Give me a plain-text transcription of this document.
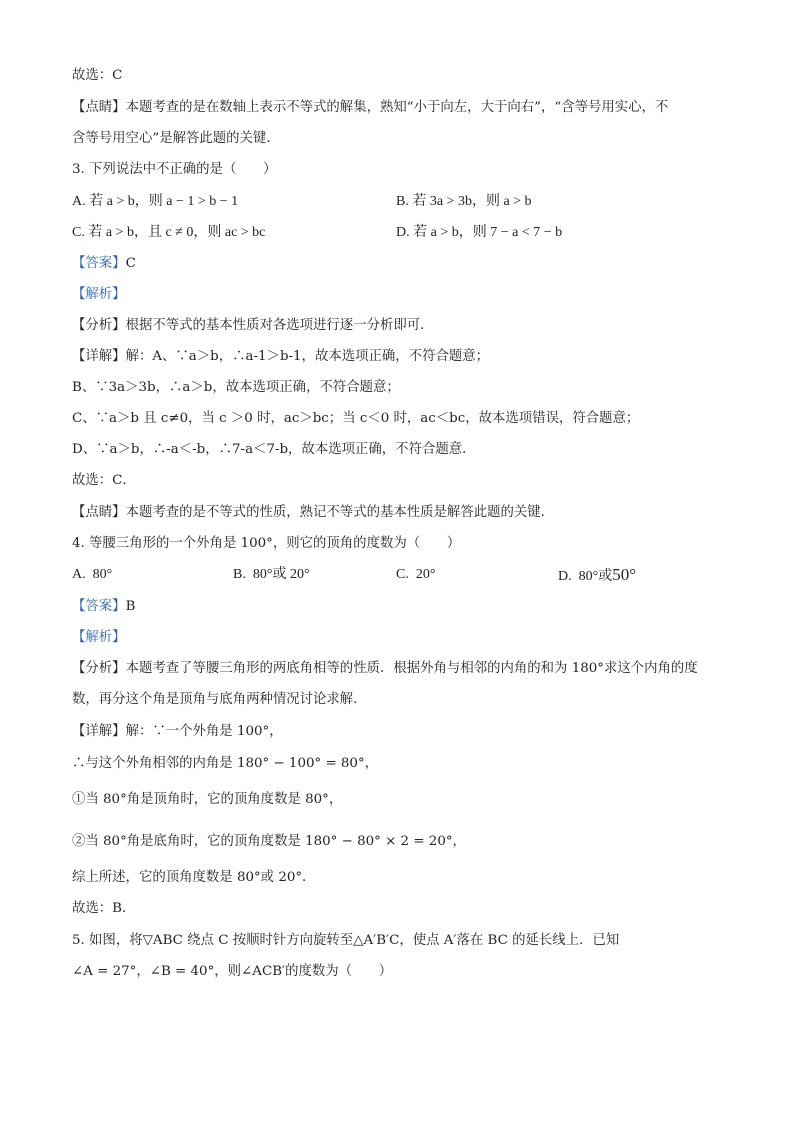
故选：C
【点睛】本题考查的是在数轴上表示不等式的解集，熟知“小于向左，大于向右”，“含等号用实心，不
含等号用空心”是解答此题的关键．
3. 下列说法中不正确的是（　　）
A. 若 a > b，则 a − 1 > b − 1	B. 若 3a > 3b，则 a > b
C. 若 a > b，且 c ≠ 0，则 ac > bc	D. 若 a > b，则 7 − a < 7 − b
【答案】C
【解析】
【分析】根据不等式的基本性质对各选项进行逐一分析即可．
【详解】解：A、∵a＞b，∴a-1＞b-1，故本选项正确，不符合题意；
B、∵3a＞3b，∴a＞b，故本选项正确，不符合题意；
C、∵a＞b 且 c≠0，当 c ＞0 时，ac＞bc；当 c＜0 时，ac＜bc，故本选项错误，符合题意；
D、∵a＞b，∴-a＜-b，∴7-a＜7-b，故本选项正确，不符合题意．
故选：C．
【点睛】本题考查的是不等式的性质，熟记不等式的基本性质是解答此题的关键．
4. 等腰三角形的一个外角是 100°，则它的顶角的度数为（　　）
A. 80°	B. 80°或 20°	C. 20°	D. 80°或50°
【答案】B
【解析】
【分析】本题考查了等腰三角形的两底角相等的性质．根据外角与相邻的内角的和为 180°求这个内角的度
数，再分这个角是顶角与底角两种情况讨论求解．
【详解】解：∵一个外角是 100°，
∴与这个外角相邻的内角是 180° − 100° = 80°，
①当 80°角是顶角时，它的顶角度数是 80°，
②当 80°角是底角时，它的顶角度数是 180° − 80° × 2 = 20°，
综上所述，它的顶角度数是 80°或 20°．
故选：B．
5. 如图，将▽ABC 绕点 C 按顺时针方向旋转至△A′B′C，使点 A′落在 BC 的延长线上．已知
∠A = 27°，∠B = 40°，则∠ACB′的度数为（　　）
